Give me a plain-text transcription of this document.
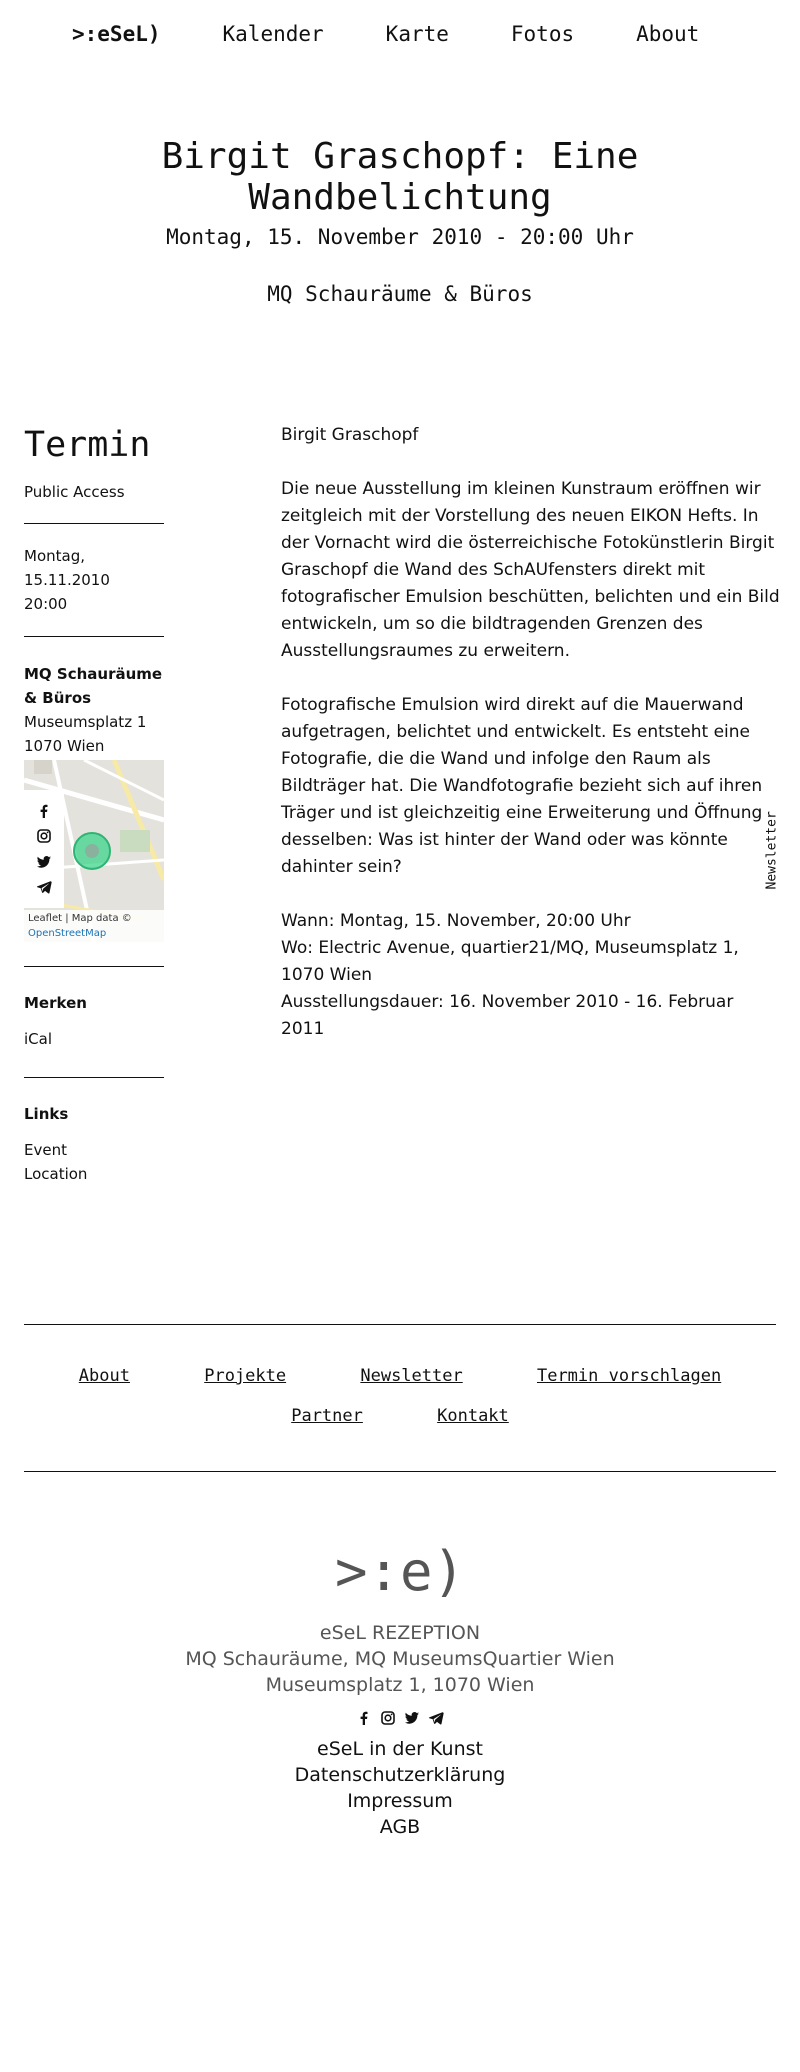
>:eSeL)	Kalender	Karte	Fotos	About
Birgit Graschopf: Eine Wandbelichtung
Montag, 15. November 2010 - 20:00 Uhr
MQ Schauräume & Büros
Termin
Public Access
Montag, 15.11.2010
20:00
MQ Schauräume & Büros
Museumsplatz 1
1070 Wien
Leaflet | Map data ©
OpenStreetMap
Merken
iCal
Links
Event
Location

Birgit Graschopf

Die neue Ausstellung im kleinen Kunstraum eröffnen wir zeitgleich mit der Vorstellung des neuen EIKON Hefts. In der Vornacht wird die österreichische Fotokünstlerin Birgit Graschopf die Wand des SchAUfensters direkt mit fotografischer Emulsion beschütten, belichten und ein Bild entwickeln, um so die bildtragenden Grenzen des Ausstellungsraumes zu erweitern.

Fotografische Emulsion wird direkt auf die Mauerwand aufgetragen, belichtet und entwickelt. Es entsteht eine Fotografie, die die Wand und infolge den Raum als Bildträger hat. Die Wandfotografie bezieht sich auf ihren Träger und ist gleichzeitig eine Erweiterung und Öffnung desselben: Was ist hinter der Wand oder was könnte dahinter sein?

Wann: Montag, 15. November, 20:00 Uhr
Wo: Electric Avenue, quartier21/MQ, Museumsplatz 1, 1070 Wien
Ausstellungsdauer: 16. November 2010 - 16. Februar 2011
Newsletter
About	Projekte	Newsletter	Termin vorschlagen
Partner	Kontakt
>:e)
eSeL REZEPTION
MQ Schauräume, MQ MuseumsQuartier Wien
Museumsplatz 1, 1070 Wien
eSeL in der Kunst
Datenschutzerklärung
Impressum
AGB
